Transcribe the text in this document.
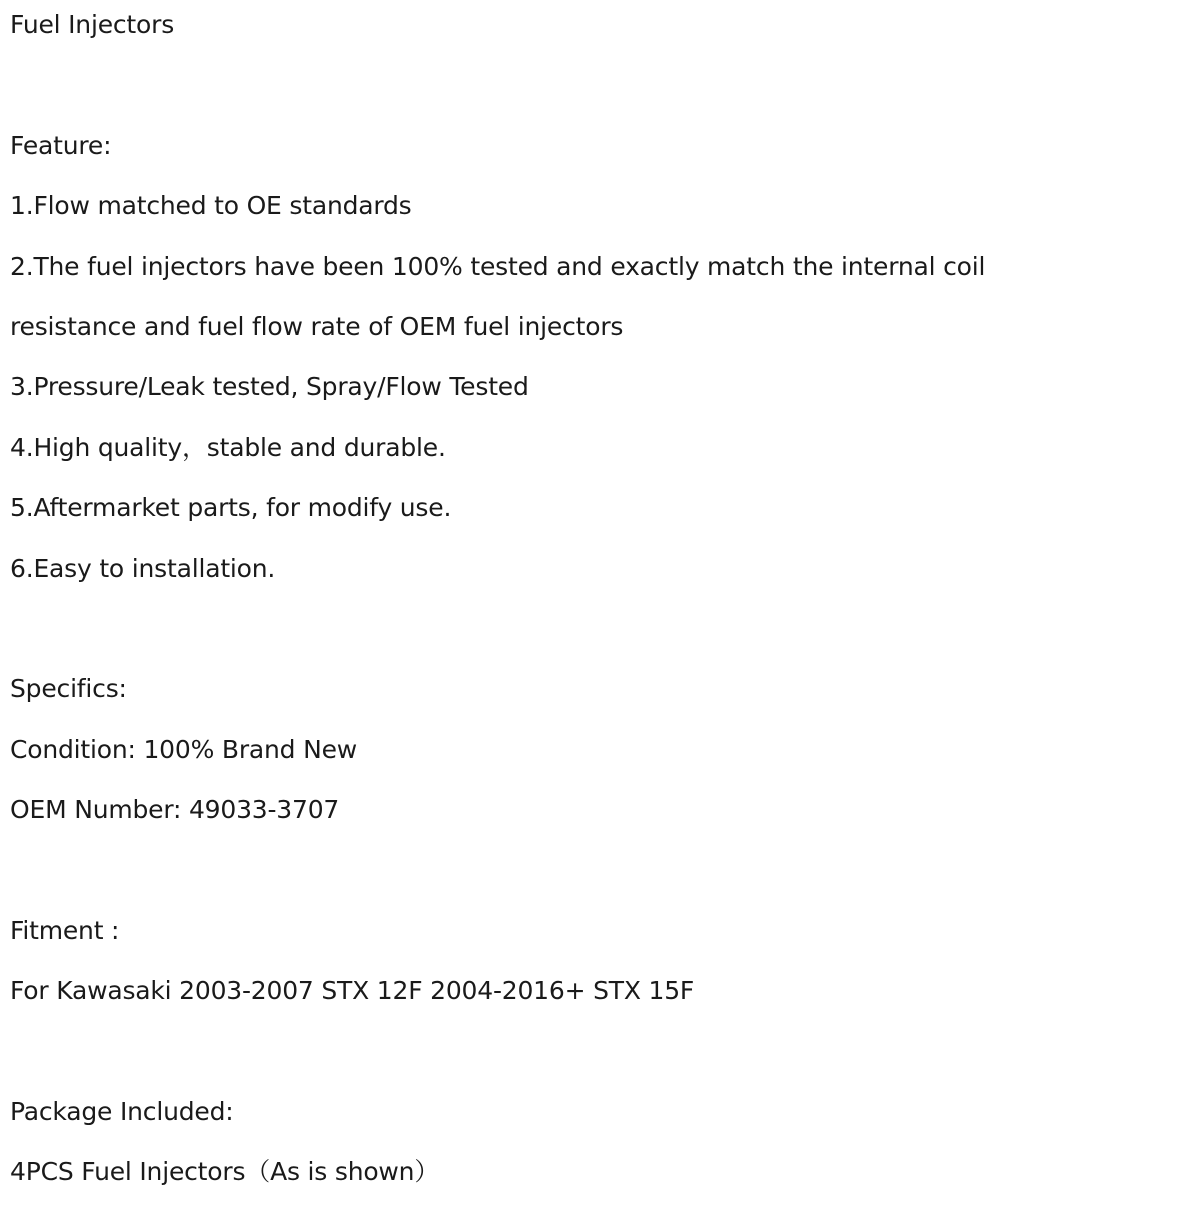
Fuel Injectors
Feature:
1.Flow matched to OE standards
2.The fuel injectors have been 100% tested and exactly match the internal coil
resistance and fuel flow rate of OEM fuel injectors
3.Pressure/Leak tested, Spray/Flow Tested
4.High quality，stable and durable.
5.Aftermarket parts, for modify use.
6.Easy to installation.
Specifics:
Condition: 100% Brand New
OEM Number: 49033-3707
Fitment :
For Kawasaki 2003-2007 STX 12F 2004-2016+ STX 15F
Package Included:
4PCS Fuel Injectors（As is shown）
